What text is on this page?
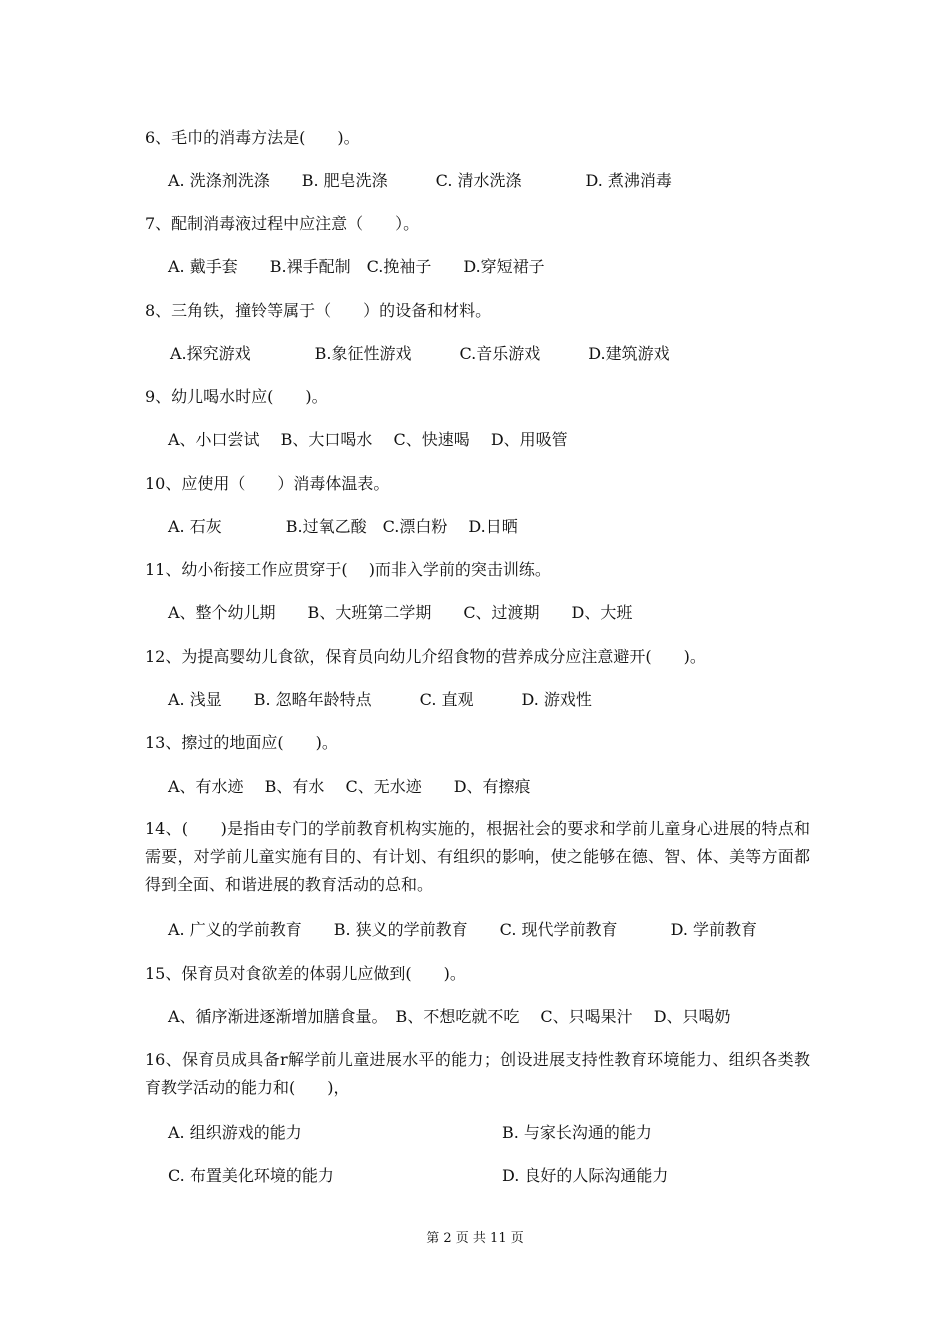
6、毛巾的消毒方法是(　　)。
A. 洗涤剂洗涤　　B. 肥皂洗涤　　　C. 清水洗涤　　　　D. 煮沸消毒
7、配制消毒液过程中应注意（　　）。
A. 戴手套　　B.裸手配制　C.挽袖子　　D.穿短裙子
8、三角铁，撞铃等属于（　　）的设备和材料。
A.探究游戏　　　　B.象征性游戏　　　C.音乐游戏　　　D.建筑游戏
9、幼儿喝水时应(　　)。
A、小口尝试　 B、大口喝水　 C、快速喝　 D、用吸管
10、应使用（　　）消毒体温表。
A. 石灰　　　　B.过氧乙酸　C.漂白粉　 D.日晒
11、幼小衔接工作应贯穿于(　 )而非入学前的突击训练。
A、整个幼儿期　　B、大班第二学期　　C、过渡期　　D、大班
12、为提高婴幼儿食欲，保育员向幼儿介绍食物的营养成分应注意避开(　　)。
A. 浅显　　B. 忽略年龄特点　　　C. 直观　　　D. 游戏性
13、擦过的地面应(　　)。
A、有水迹　 B、有水　 C、无水迹　　D、有擦痕
14、(　　)是指由专门的学前教育机构实施的，根据社会的要求和学前儿童身心进展的特点和需要，对学前儿童实施有目的、有计划、有组织的影响，使之能够在德、智、体、美等方面都得到全面、和谐进展的教育活动的总和。
A. 广义的学前教育　　B. 狭义的学前教育　　C. 现代学前教育　　　 D. 学前教育
15、保育员对食欲差的体弱儿应做到(　　)。
A、循序渐进逐渐增加膳食量。　B、不想吃就不吃　 C、只喝果汁　 D、只喝奶
16、保育员成具备r解学前儿童进展水平的能力；创设进展支持性教育环境能力、组织各类教育教学活动的能力和(　　)，
A. 组织游戏的能力	B. 与家长沟通的能力
C. 布置美化环境的能力	D. 良好的人际沟通能力
第 2 页 共 11 页
